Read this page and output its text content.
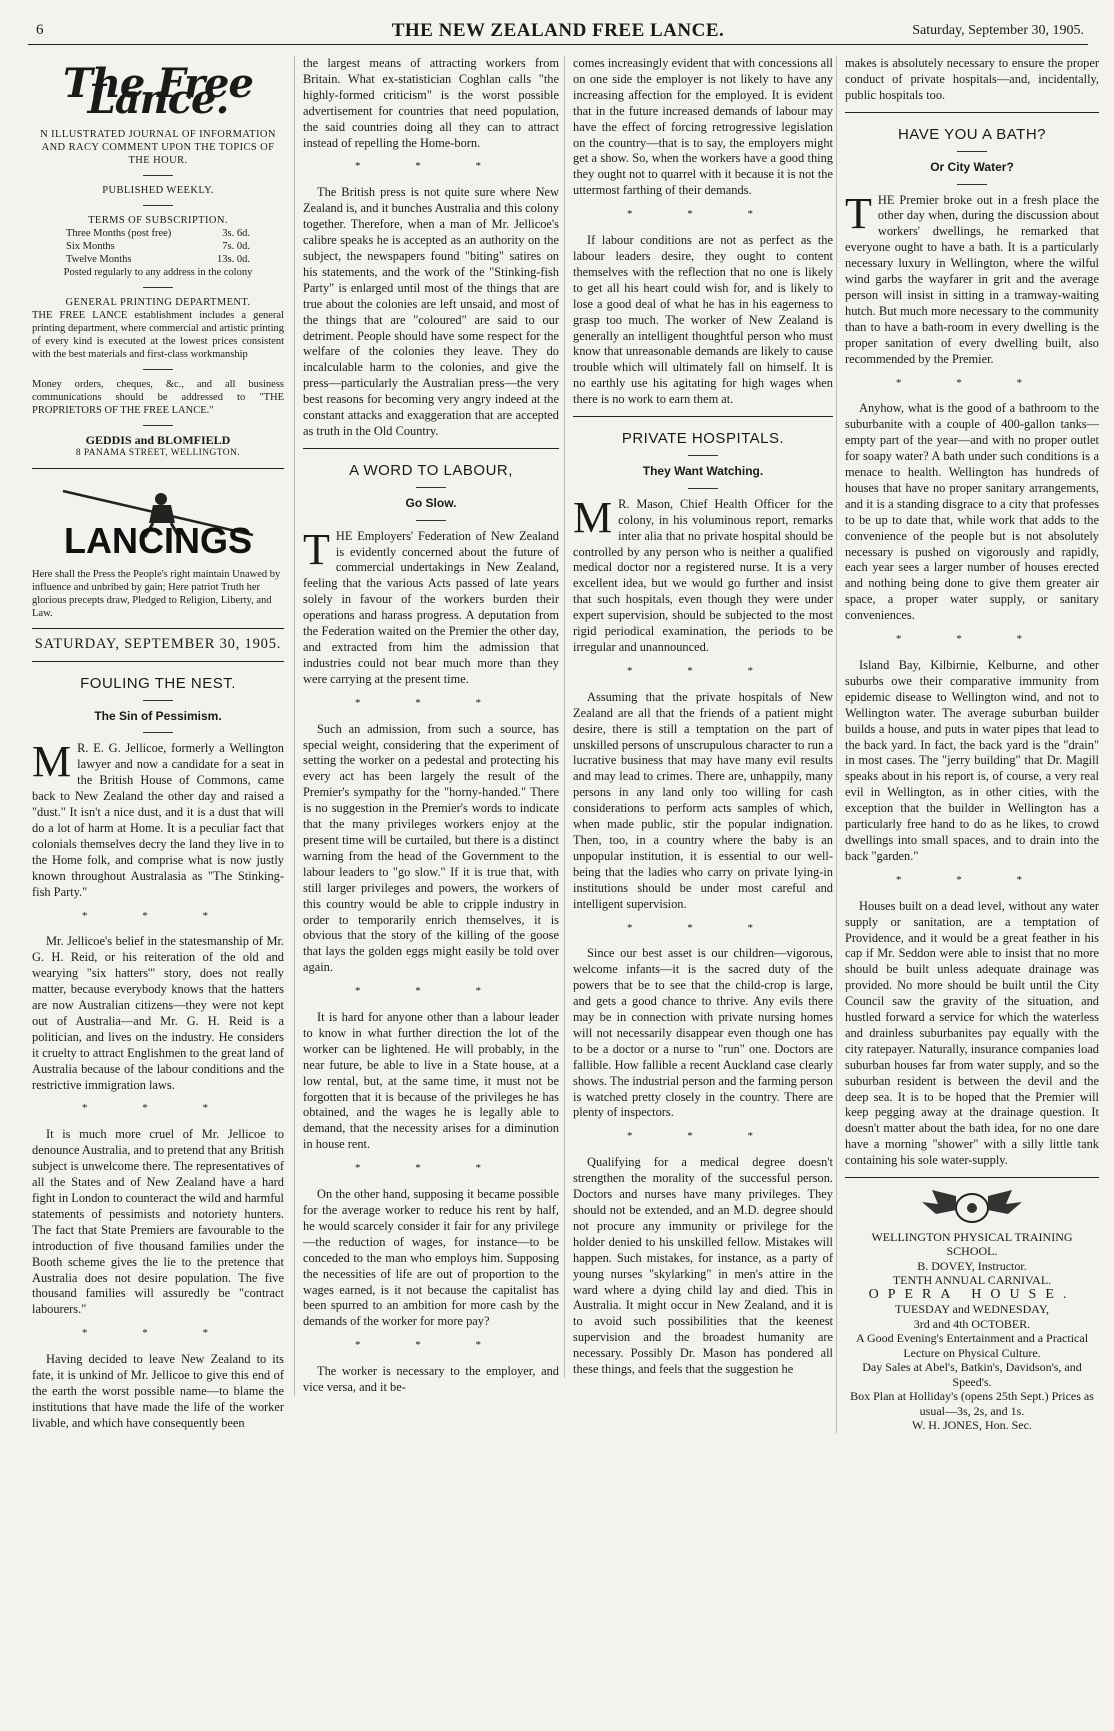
6	THE NEW ZEALAND FREE LANCE.	Saturday, September 30, 1905.
The Free Lance.
N ILLUSTRATED JOURNAL OF INFORMATION AND RACY COMMENT UPON THE TOPICS OF THE HOUR.
PUBLISHED WEEKLY.
TERMS OF SUBSCRIPTION.
Three Months (post free)	3s. 6d.
Six Months	7s. 0d.
Twelve Months	13s. 0d.
Posted regularly to any address in the colony
GENERAL PRINTING DEPARTMENT.
THE FREE LANCE establishment includes a general printing department, where commercial and artistic printing of every kind is executed at the lowest prices consistent with the best materials and first-class workmanship
Money orders, cheques, &c., and all business communications should be addressed to "THE PROPRIETORS OF THE FREE LANCE."
GEDDIS and BLOMFIELD
8 PANAMA STREET, WELLINGTON.
LANCINGS
Here shall the Press the People's right maintain Unawed by influence and unbribed by gain; Here patriot Truth her glorious precepts draw, Pledged to Religion, Liberty, and Law.
SATURDAY, SEPTEMBER 30, 1905.
FOULING THE NEST.
The Sin of Pessimism.

M R. E. G. Jellicoe, formerly a Wellington lawyer and now a candidate for a seat in the British House of Commons, came back to New Zealand the other day and raised a "dust." It isn't a nice dust, and it is a dust that will do a lot of harm at Home. It is a peculiar fact that colonials themselves decry the land they live in to the Home folk, and comprise what is now justly known throughout Australasia as "The Stinking-fish Party."

* * *

Mr. Jellicoe's belief in the statesmanship of Mr. G. H. Reid, or his reiteration of the old and wearying "six hatters'" story, does not really matter, because everybody knows that the hatters are now Australian citizens—they were not kept out of Australia—and Mr. G. H. Reid is a politician, and lives on the industry. He considers it cruelty to attract Englishmen to the great land of Australia because of the labour conditions and the restrictive immigration laws.

* * *

It is much more cruel of Mr. Jellicoe to denounce Australia, and to pretend that any British subject is unwelcome there. The representatives of all the States and of New Zealand have a hard fight in London to counteract the wild and harmful statements of pessimists and notoriety hunters. The fact that State Premiers are favourable to the introduction of five thousand families under the Booth scheme gives the lie to the pretence that Australia does not desire population. The five thousand families will assuredly be "contract labourers."

* * *

Having decided to leave New Zealand to its fate, it is unkind of Mr. Jellicoe to give this end of the earth the worst possible name—to blame the institutions that have made the life of the worker livable, and which have consequently been

the largest means of attracting workers from Britain. What ex-statistician Coghlan calls "the highly-formed criticism" is the worst possible advertisement for countries that need population, the said countries doing all they can to attract instead of repelling the Home-born.

* * *

The British press is not quite sure where New Zealand is, and it bunches Australia and this colony together. Therefore, when a man of Mr. Jellicoe's calibre speaks he is accepted as an authority on the subject, the newspapers found "biting" satires on his statements, and the work of the "Stinking-fish Party" is enlarged until most of the things that are true about the colonies are left unsaid, and most of the things that are "coloured" are said to our detriment. People should have some respect for the welfare of the colonies they leave. They do incalculable harm to the colonies, and give the press—particularly the Australian press—the very best reasons for becoming very angry indeed at the constant attacks and exaggeration that are accepted as truth in the Old Country.

A WORD TO LABOUR,
Go Slow.

THE Employers' Federation of New Zealand is evidently concerned about the future of commercial undertakings in New Zealand, feeling that the various Acts passed of late years solely in favour of the workers burden their operations and harass progress. A deputation from the Federation waited on the Premier the other day, and extracted from him the admission that industries could not bear much more than they were carrying at the present time.

* * *

Such an admission, from such a source, has special weight, considering that the experiment of setting the worker on a pedestal and protecting his every act has been largely the result of the Premier's sympathy for the "horny-handed." There is no suggestion in the Premier's words to indicate that the many privileges workers enjoy at the present time will be curtailed, but there is a distinct warning from the head of the Government to the labour leaders to "go slow." If it is true that, with still larger privileges and powers, the workers of this country would be able to cripple industry in order to temporarily enrich themselves, it is obvious that the story of the killing of the goose that lays the golden eggs might easily be told over again.

* * *

It is hard for anyone other than a labour leader to know in what further direction the lot of the worker can be lightened. He will probably, in the near future, be able to live in a State house, at a low rental, but, at the same time, it must not be forgotten that it is because of the privileges he has obtained, and the wages he is legally able to demand, that the necessity arises for a diminution in house rent.

* * *

On the other hand, supposing it became possible for the average worker to reduce his rent by half, he would scarcely consider it fair for any privilege—the reduction of wages, for instance—to be conceded to the man who employs him. Supposing the necessities of life are out of proportion to the wages earned, is it not because the capitalist has been spurred to an ambition for more cash by the demands of the worker for more pay?

* * *

The worker is necessary to the employer, and vice versa, and it be-

comes increasingly evident that with concessions all on one side the employer is not likely to have any increasing affection for the employed. It is evident that in the future increased demands of labour may have the effect of forcing retrogressive legislation on the country—that is to say, the employers might get a show. So, when the workers have a good thing they ought not to quarrel with it because it is not the uttermost farthing of their demands.

* * *

If labour conditions are not as perfect as the labour leaders desire, they ought to content themselves with the reflection that no one is likely to get all his heart could wish for, and is likely to lose a good deal of what he has in his eagerness to grasp too much. The worker of New Zealand is generally an intelligent thoughtful person who must know that unreasonable demands are likely to cause trouble which will ultimately fall on himself. It is no earthly use his agitating for high wages when there is no work to earn them at.

PRIVATE HOSPITALS.
They Want Watching.

M R. Mason, Chief Health Officer for the colony, in his voluminous report, remarks inter alia that no private hospital should be controlled by any person who is neither a qualified medical doctor nor a registered nurse. It is a very excellent idea, but we would go further and insist that such hospitals, even though they were under expert supervision, should be subjected to the most rigid periodical examination, the periods to be irregular and unannounced.

* * *

Assuming that the private hospitals of New Zealand are all that the friends of a patient might desire, there is still a temptation on the part of unskilled persons of unscrupulous character to run a lucrative business that may have many evil results and may lead to crimes. There are, unhappily, many persons in any land only too willing for cash considerations to perform acts samples of which, when made public, stir the popular indignation. Then, too, in a country where the baby is an unpopular institution, it is essential to our well-being that the ladies who carry on private lying-in institutions should be under most careful and intelligent supervision.

* * *

Since our best asset is our children—vigorous, welcome infants—it is the sacred duty of the powers that be to see that the child-crop is large, and gets a good chance to thrive. Any evils there may be in connection with private nursing homes will not necessarily disappear even though one has to be a doctor or a nurse to "run" one. Doctors are fallible. How fallible a recent Auckland case clearly shows. The industrial person and the farming person is watched pretty closely in the country. There are plenty of inspectors.

* * *

Qualifying for a medical degree doesn't strengthen the morality of the successful person. Doctors and nurses have many privileges. They should not be extended, and an M.D. degree should not procure any immunity or privilege for the holder denied to his unskilled fellow. Mistakes will happen. Such mistakes, for instance, as a party of young nurses "skylarking" in men's attire in the ward where a dying child lay and died. This in Australia. It might occur in New Zealand, and it is to avoid such possibilities that the keenest supervision and the broadest humanity are necessary. Possibly Dr. Mason has pondered all these things, and feels that the suggestion he

makes is absolutely necessary to ensure the proper conduct of private hospitals—and, incidentally, public hospitals too.

HAVE YOU A BATH?
Or City Water?

THE Premier broke out in a fresh place the other day when, during the discussion about workers' dwellings, he remarked that everyone ought to have a bath. It is a particularly necessary luxury in Wellington, where the wilful wind garbs the wayfarer in grit and the average person will insist in sitting in a tramway-waiting hutch. But much more necessary to the community than to have a bath-room in every dwelling is the proper sanitation of every dwelling built, also recommended by the Premier.

* * *

Anyhow, what is the good of a bathroom to the suburbanite with a couple of 400-gallon tanks—empty part of the year—and with no proper outlet for soapy water? A bath under such conditions is a menace to health. Wellington has hundreds of houses that have no proper sanitary arrangements, and it is a standing disgrace to a city that professes to be up to date that, while work that adds to the convenience of the people but is not absolutely necessary is pushed on vigorously and rapidly, each year sees a larger number of houses erected and nothing being done to give them greater air space, a proper water supply, or sanitary conveniences.

* * *

Island Bay, Kilbirnie, Kelburne, and other suburbs owe their comparative immunity from epidemic disease to Wellington wind, and not to Wellington water. The average suburban builder builds a house, and puts in water pipes that lead to the back yard. In fact, the back yard is the "drain" in most cases. The "jerry building" that Dr. Magill speaks about in his report is, of course, a very real evil in Wellington, as in other cities, with the exception that the builder in Wellington has a particularly free hand to do as he likes, to crowd dwellings into small spaces, and to drain into the back "garden."

* * *

Houses built on a dead level, without any water supply or sanitation, are a temptation of Providence, and it would be a great feather in his cap if Mr. Seddon were able to insist that no more should be built unless adequate drainage was provided. No more should be built until the City Council saw the gravity of the situation, and hustled forward a service for which the waterless and drainless suburbanites pay equally with the city ratepayer. Naturally, insurance companies load suburban houses far from water supply, and so the suburban resident is between the devil and the deep sea. It is to be hoped that the Premier will keep pegging away at the drainage question. It doesn't matter about the bath idea, for no one dare have a morning "shower" with a silly little tank containing his sole water-supply.

WELLINGTON PHYSICAL TRAINING SCHOOL.
B. DOVEY, Instructor.
TENTH ANNUAL CARNIVAL.
OPERA HOUSE.
TUESDAY and WEDNESDAY,
3rd and 4th OCTOBER.
A Good Evening's Entertainment and a Practical Lecture on Physical Culture.
Day Sales at Abel's, Batkin's, Davidson's, and Speed's.
Box Plan at Holliday's (opens 25th Sept.) Prices as usual—3s, 2s, and 1s.
W. H. JONES, Hon. Sec.
